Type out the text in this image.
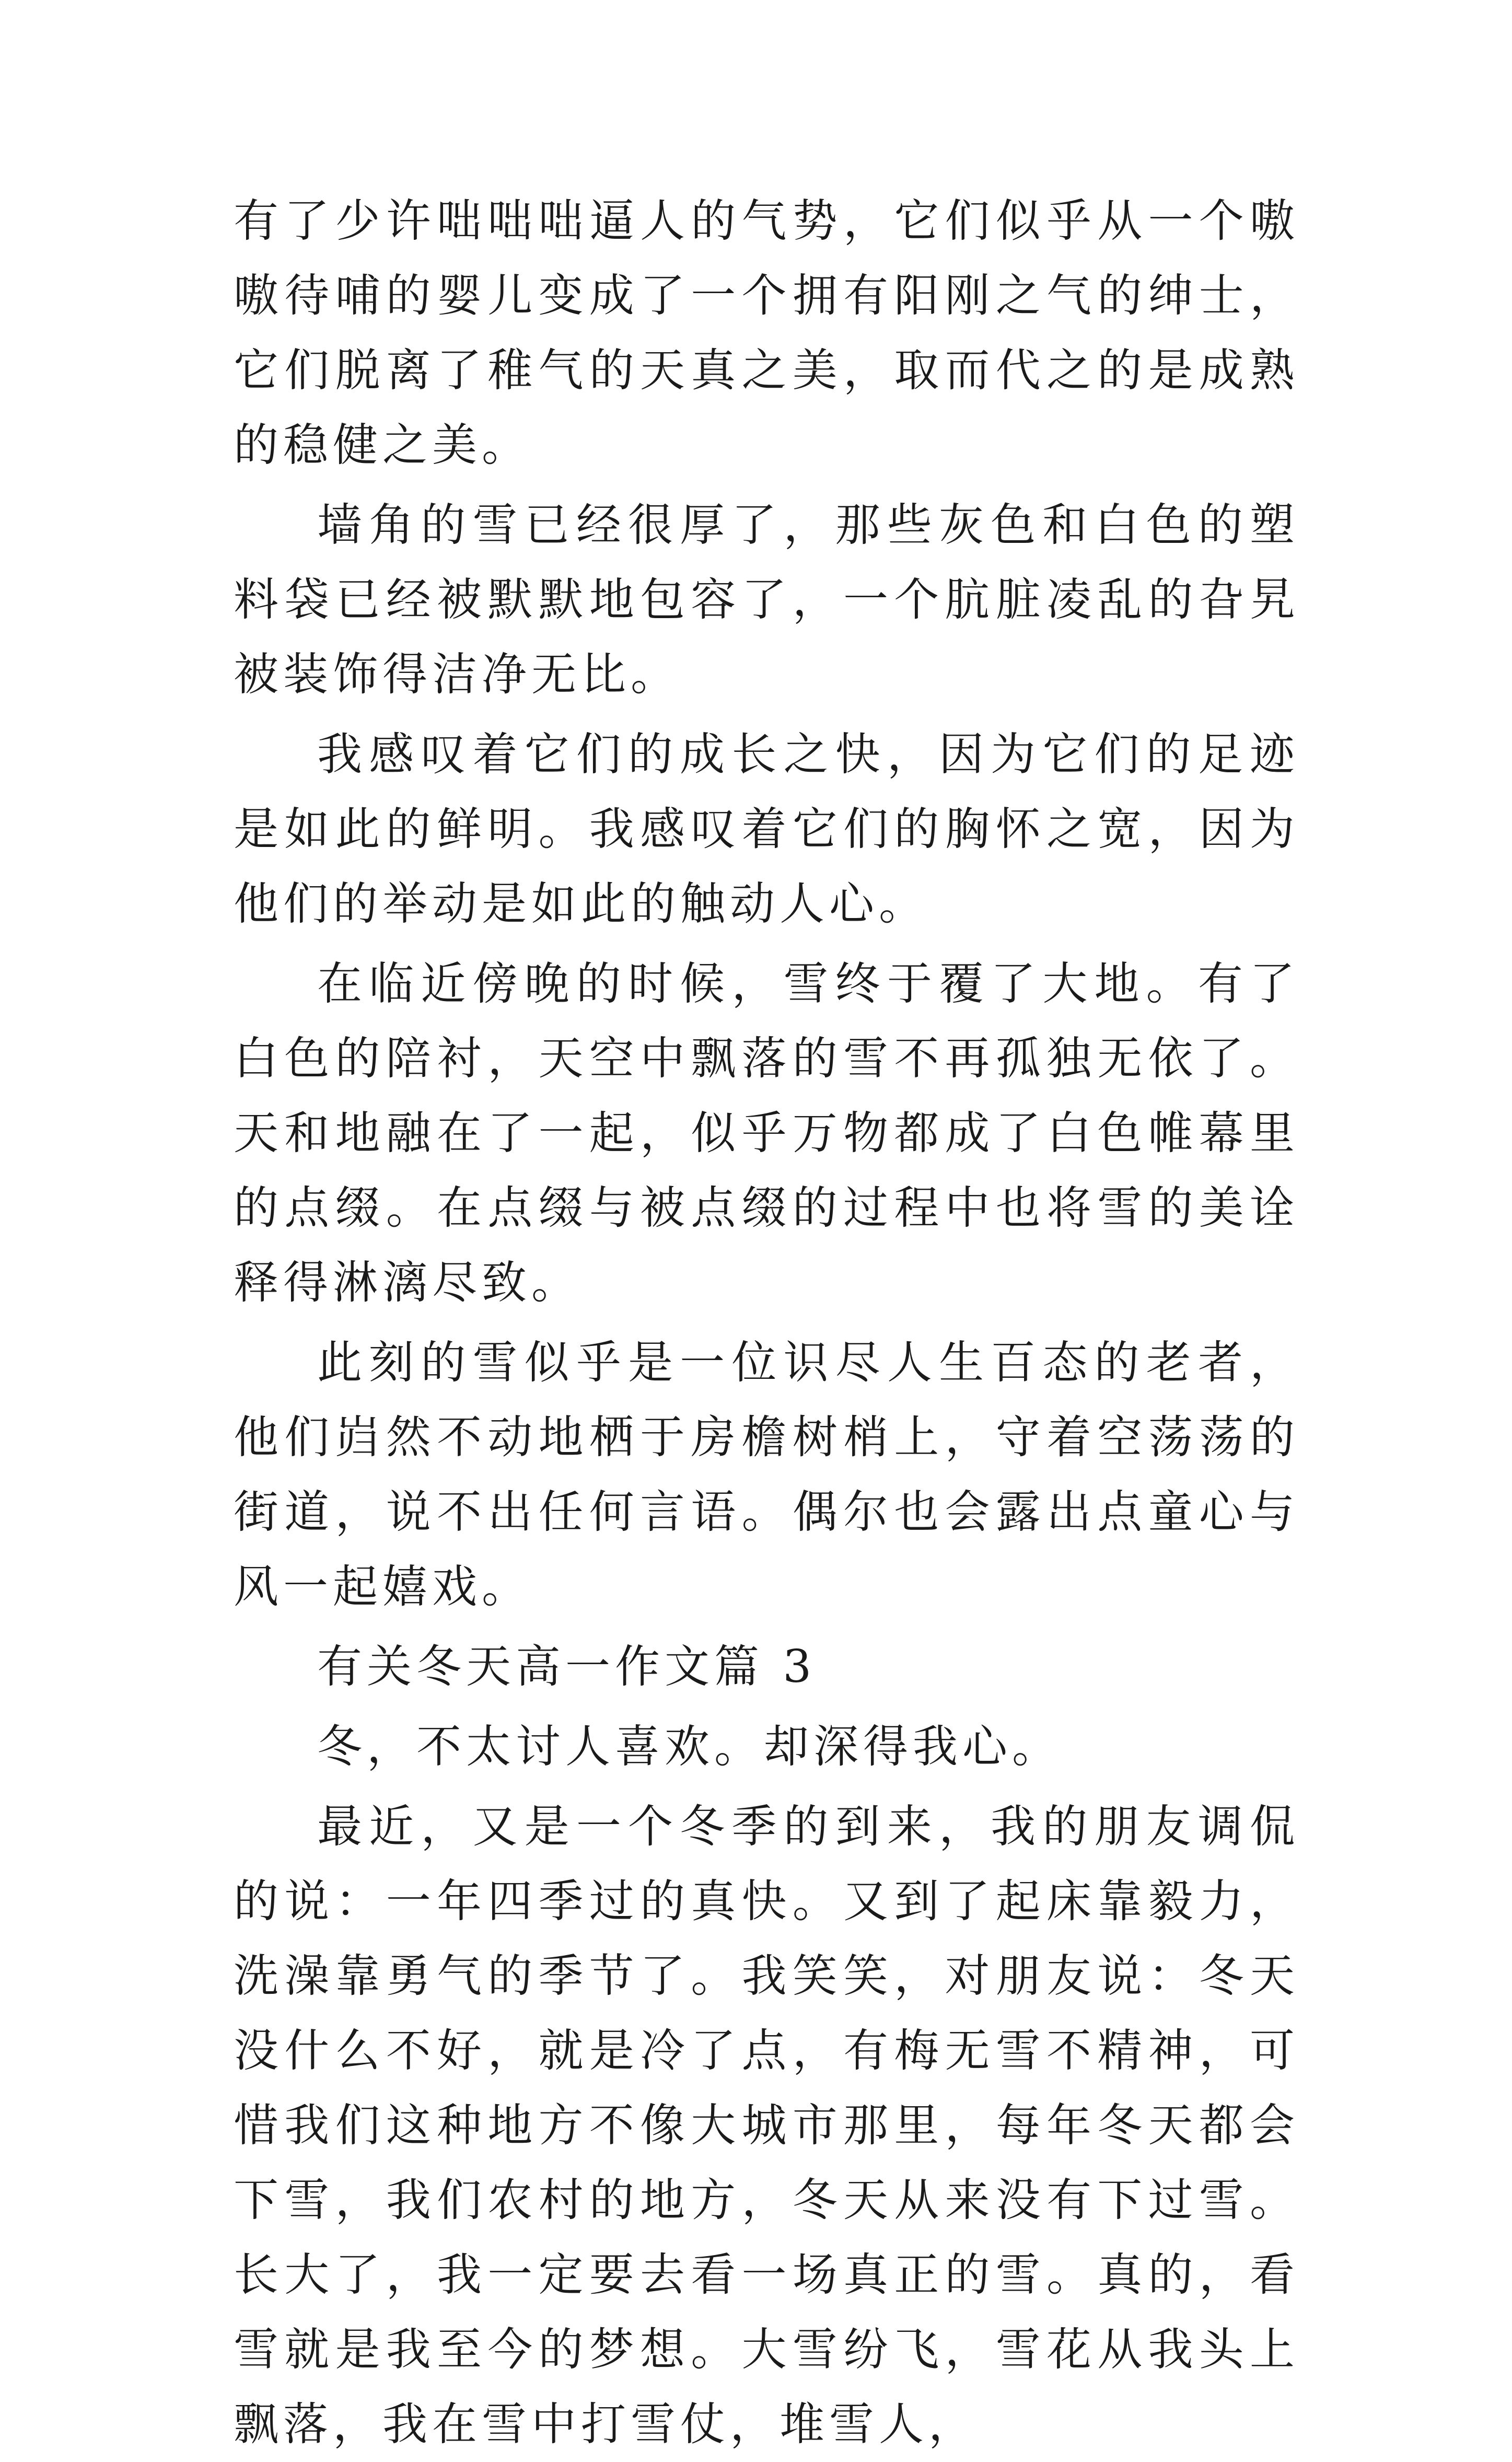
有了少许咄咄咄逼人的气势，它们似乎从一个嗷嗷待哺的婴儿变成了一个拥有阳刚之气的绅士，它们脱离了稚气的天真之美，取而代之的是成熟的稳健之美。

墙角的雪已经很厚了，那些灰色和白色的塑料袋已经被默默地包容了，一个肮脏凌乱的旮旯被装饰得洁净无比。

我感叹着它们的成长之快，因为它们的足迹是如此的鲜明。我感叹着它们的胸怀之宽，因为他们的举动是如此的触动人心。

在临近傍晚的时候，雪终于覆了大地。有了白色的陪衬，天空中飘落的雪不再孤独无依了。天和地融在了一起，似乎万物都成了白色帷幕里的点缀。在点缀与被点缀的过程中也将雪的美诠释得淋漓尽致。

此刻的雪似乎是一位识尽人生百态的老者，他们岿然不动地栖于房檐树梢上，守着空荡荡的街道，说不出任何言语。偶尔也会露出点童心与风一起嬉戏。

有关冬天高一作文篇 3

冬，不太讨人喜欢。却深得我心。

最近，又是一个冬季的到来，我的朋友调侃的说：一年四季过的真快。又到了起床靠毅力，洗澡靠勇气的季节了。我笑笑，对朋友说：冬天没什么不好，就是冷了点，有梅无雪不精神，可惜我们这种地方不像大城市那里，每年冬天都会下雪，我们农村的地方，冬天从来没有下过雪。长大了，我一定要去看一场真正的雪。真的，看雪就是我至今的梦想。大雪纷飞，雪花从我头上飘落，我在雪中打雪仗，堆雪人，
